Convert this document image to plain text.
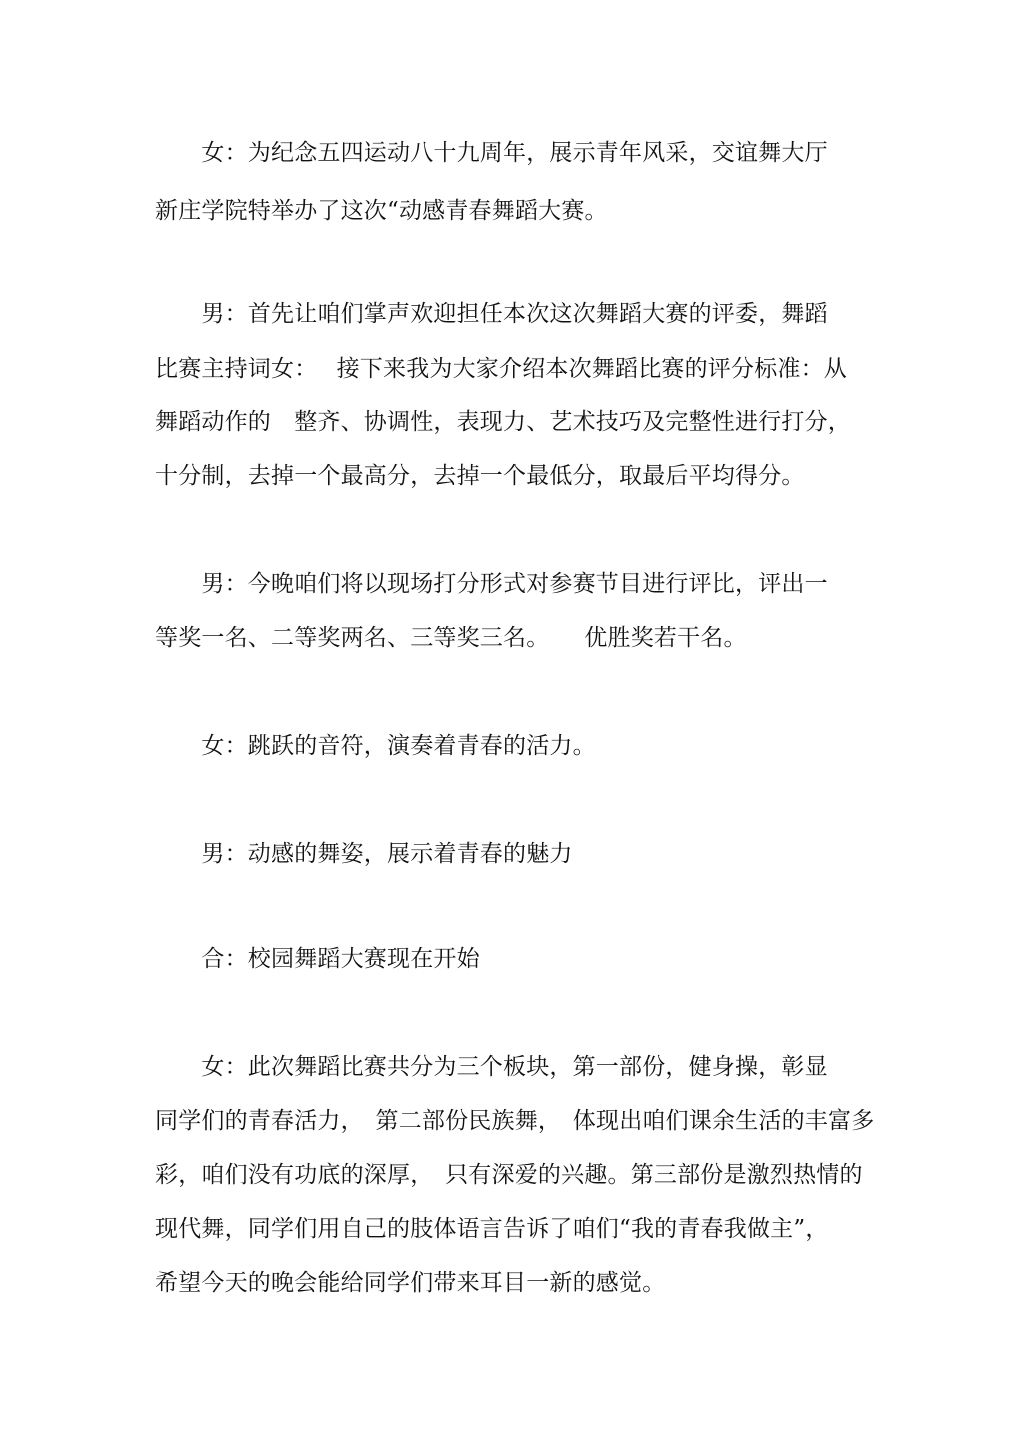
　　女：为纪念五四运动八十九周年，展示青年风采，交谊舞大厅
新庄学院特举办了这次“动感青春舞蹈大赛。
　　男：首先让咱们掌声欢迎担任本次这次舞蹈大赛的评委，舞蹈
比赛主持词女：　 接下来我为大家介绍本次舞蹈比赛的评分标准：从
舞蹈动作的　整齐、协调性，表现力、艺术技巧及完整性进行打分，
十分制，去掉一个最高分，去掉一个最低分，取最后平均得分。
　　男：今晚咱们将以现场打分形式对参赛节目进行评比，评出一
等奖一名、二等奖两名、三等奖三名。　　优胜奖若干名。
　　女：跳跃的音符，演奏着青春的活力。
　　男：动感的舞姿，展示着青春的魅力
　　合：校园舞蹈大赛现在开始
　　女：此次舞蹈比赛共分为三个板块，第一部份，健身操，彰显
同学们的青春活力，　第二部份民族舞，　体现出咱们课余生活的丰富多
彩，咱们没有功底的深厚，　只有深爱的兴趣。第三部份是激烈热情的
现代舞，同学们用自己的肢体语言告诉了咱们“我的青春我做主”，
希望今天的晚会能给同学们带来耳目一新的感觉。
